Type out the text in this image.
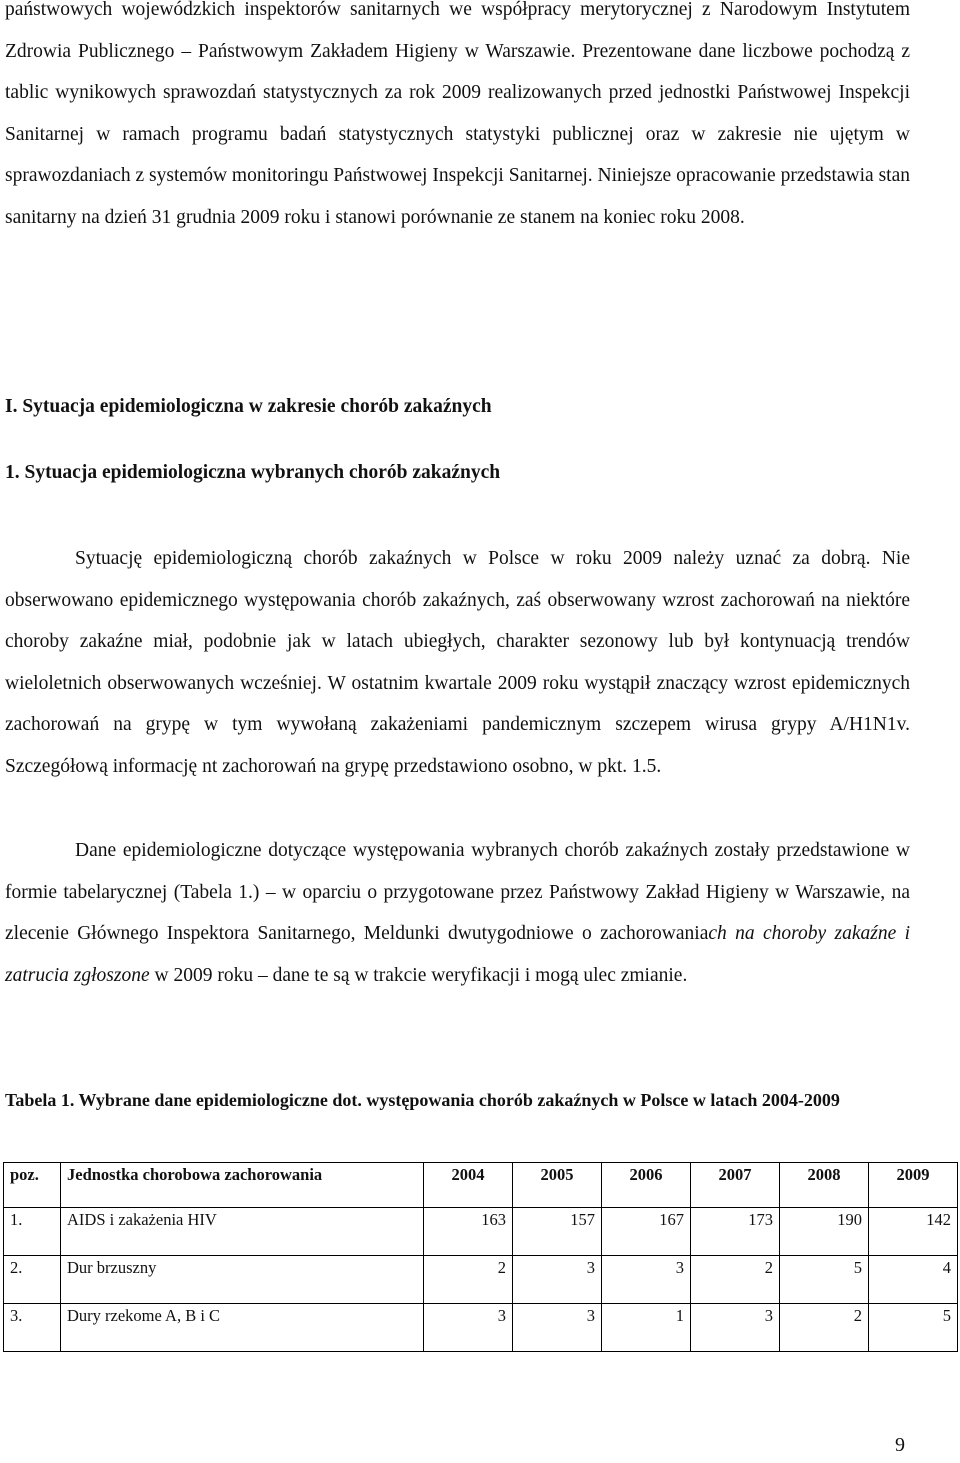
państwowych wojewódzkich inspektorów sanitarnych we współpracy merytorycznej z Narodowym Instytutem Zdrowia Publicznego – Państwowym Zakładem Higieny w Warszawie. Prezentowane dane liczbowe pochodzą z tablic wynikowych sprawozdań statystycznych za rok 2009 realizowanych przed jednostki Państwowej Inspekcji Sanitarnej w ramach programu badań statystycznych statystyki publicznej oraz w zakresie nie ujętym w sprawozdaniach z systemów monitoringu Państwowej Inspekcji Sanitarnej. Niniejsze opracowanie przedstawia stan sanitarny na dzień 31 grudnia 2009 roku i stanowi porównanie ze stanem na koniec roku 2008.

I. Sytuacja epidemiologiczna w zakresie chorób zakaźnych

1. Sytuacja epidemiologiczna wybranych chorób zakaźnych

Sytuację epidemiologiczną chorób zakaźnych w Polsce w roku 2009 należy uznać za dobrą. Nie obserwowano epidemicznego występowania chorób zakaźnych, zaś obserwowany wzrost zachorowań na niektóre choroby zakaźne miał, podobnie jak w latach ubiegłych, charakter sezonowy lub był kontynuacją trendów wieloletnich obserwowanych wcześniej. W ostatnim kwartale 2009 roku wystąpił znaczący wzrost epidemicznych zachorowań na grypę w tym wywołaną zakażeniami pandemicznym szczepem wirusa grypy A/H1N1v. Szczegółową informację nt zachorowań na grypę przedstawiono osobno, w pkt. 1.5.

Dane epidemiologiczne dotyczące występowania wybranych chorób zakaźnych zostały przedstawione w formie tabelarycznej (Tabela 1.) – w oparciu o przygotowane przez Państwowy Zakład Higieny w Warszawie, na zlecenie Głównego Inspektora Sanitarnego, Meldunki dwutygodniowe o zachorowaniach na choroby zakaźne i zatrucia zgłoszone w 2009 roku – dane te są w trakcie weryfikacji i mogą ulec zmianie.

Tabela 1. Wybrane dane epidemiologiczne dot. występowania chorób zakaźnych w Polsce w latach 2004-2009

poz.	Jednostka chorobowa zachorowania	2004	2005	2006	2007	2008	2009
1.	AIDS i zakażenia HIV	163	157	167	173	190	142
2.	Dur brzuszny	2	3	3	2	5	4
3.	Dury rzekome A, B i C	3	3	1	3	2	5
9
